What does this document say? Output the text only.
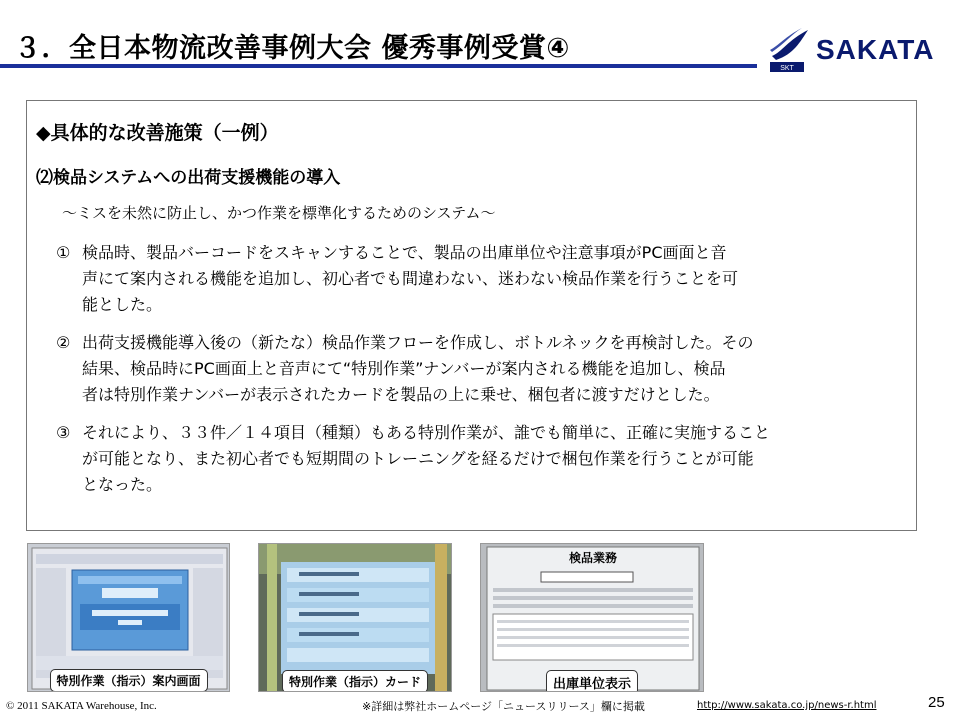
３．全日本物流改善事例大会 優秀事例受賞④
SKT
SAKATA
◆具体的な改善施策（一例）
⑵検品システムへの出荷支援機能の導入
～ミスを未然に防止し、かつ作業を標準化するためのシステム～
① 検品時、製品バーコードをスキャンすることで、製品の出庫単位や注意事項がPC画面と音
声にて案内される機能を追加し、初心者でも間違わない、迷わない検品作業を行うことを可
能とした。
② 出荷支援機能導入後の（新たな）検品作業フローを作成し、ボトルネックを再検討した。その
結果、検品時にPC画面上と音声にて“特別作業”ナンバーが案内される機能を追加し、検品
者は特別作業ナンバーが表示されたカードを製品の上に乗せ、梱包者に渡すだけとした。
③ それにより、３３件／１４項目（種類）もある特別作業が、誰でも簡単に、正確に実施すること
が可能となり、また初心者でも短期間のトレーニングを経るだけで梱包作業を行うことが可能
となった。
特別作業（指示）案内画面	特別作業（指示）カード
検品業務
出庫単位表示
© 2011 SAKATA Warehouse, Inc.	※詳細は弊社ホームページ「ニュースリリース」欄に掲載	http://www.sakata.co.jp/news-r.html	25
